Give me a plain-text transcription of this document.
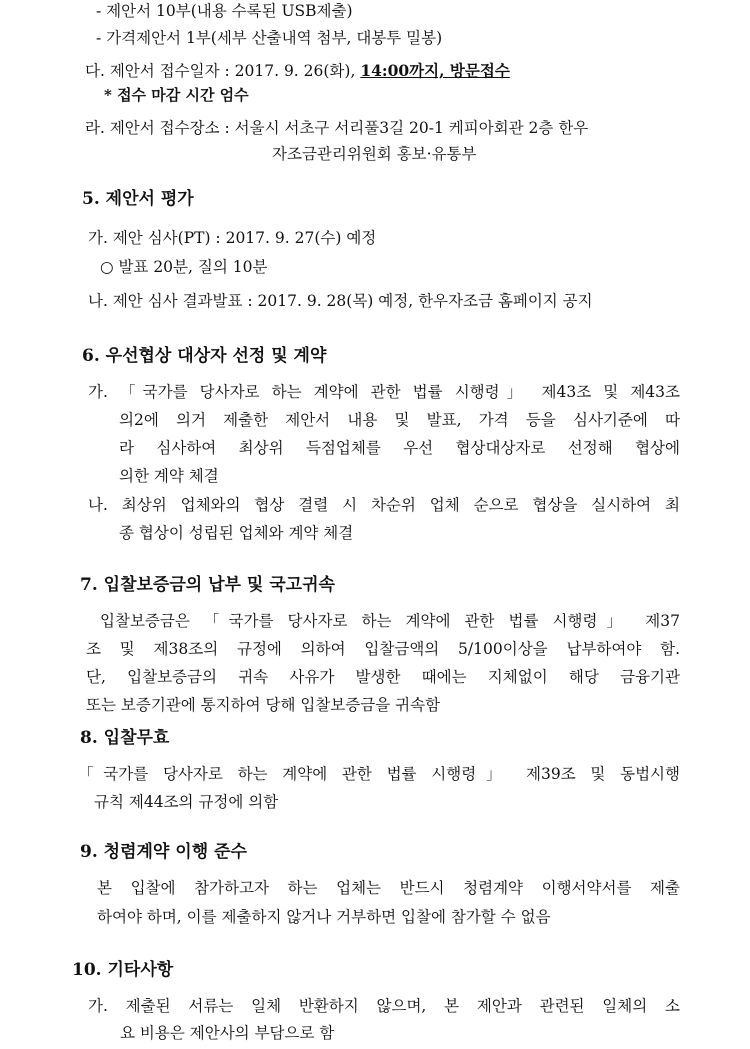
- 제안서 10부(내용 수록된 USB제출)
- 가격제안서 1부(세부 산출내역 첨부, 대봉투 밀봉)
다. 제안서 접수일자 : 2017. 9. 26(화), 14:00까지, 방문접수
* 접수 마감 시간 엄수
라. 제안서 접수장소 : 서울시 서초구 서리풀3길 20-1 케피아회관 2층 한우
자조금관리위원회 홍보·유통부
5. 제안서 평가
가. 제안 심사(PT) : 2017. 9. 27(수) 예정
○ 발표 20분, 질의 10분
나. 제안 심사 결과발표 : 2017. 9. 28(목) 예정, 한우자조금 홈페이지 공지
6. 우선협상 대상자 선정 및 계약
가. 「국가를 당사자로 하는 계약에 관한 법률 시행령」 제43조 및 제43조
의2에 의거 제출한 제안서 내용 및 발표, 가격 등을 심사기준에 따
라 심사하여 최상위 득점업체를 우선 협상대상자로 선정해 협상에
의한 계약 체결
나. 최상위 업체와의 협상 결렬 시 차순위 업체 순으로 협상을 실시하여 최
종 협상이 성립된 업체와 계약 체결
7. 입찰보증금의 납부 및 국고귀속
입찰보증금은 「국가를 당사자로 하는 계약에 관한 법률 시행령」 제37
조 및 제38조의 규정에 의하여 입찰금액의 5/100이상을 납부하여야 함.
단, 입찰보증금의 귀속 사유가 발생한 때에는 지체없이 해당 금융기관
또는 보증기관에 통지하여 당해 입찰보증금을 귀속함
8. 입찰무효
「국가를 당사자로 하는 계약에 관한 법률 시행령」 제39조 및 동법시행
규칙 제44조의 규정에 의함
9. 청렴계약 이행 준수
본 입찰에 참가하고자 하는 업체는 반드시 청렴계약 이행서약서를 제출
하여야 하며, 이를 제출하지 않거나 거부하면 입찰에 참가할 수 없음
10. 기타사항
가. 제출된 서류는 일체 반환하지 않으며, 본 제안과 관련된 일체의 소
요 비용은 제안사의 부담으로 함
